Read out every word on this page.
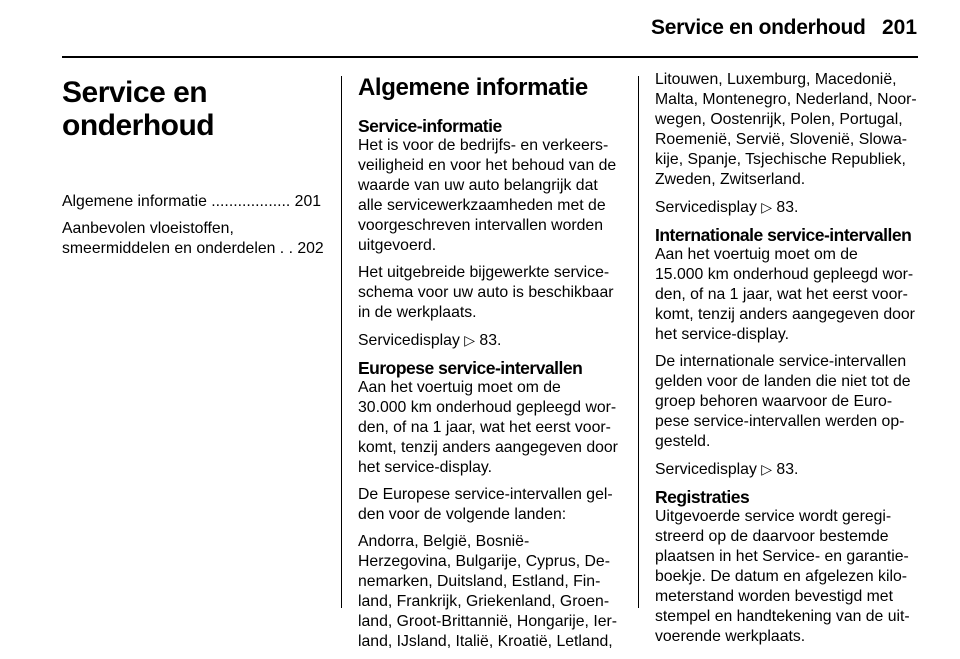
Service en onderhoud 201
Service en
onderhoud
Algemene informatie .................. 201
Aanbevolen vloeistoffen,
smeermiddelen en onderdelen . . 202
Algemene informatie
Service-informatie
Het is voor de bedrijfs- en verkeers-
veiligheid en voor het behoud van de
waarde van uw auto belangrijk dat
alle servicewerkzaamheden met de
voorgeschreven intervallen worden
uitgevoerd.
Het uitgebreide bijgewerkte service-
schema voor uw auto is beschikbaar
in de werkplaats.
Servicedisplay ▷ 83.
Europese service-intervallen
Aan het voertuig moet om de
30.000 km onderhoud gepleegd wor-
den, of na 1 jaar, wat het eerst voor-
komt, tenzij anders aangegeven door
het service-display.
De Europese service-intervallen gel-
den voor de volgende landen:
Andorra, België, Bosnië-
Herzegovina, Bulgarije, Cyprus, De-
nemarken, Duitsland, Estland, Fin-
land, Frankrijk, Griekenland, Groen-
land, Groot-Brittannië, Hongarije, Ier-
land, IJsland, Italië, Kroatië, Letland,
Litouwen, Luxemburg, Macedonië,
Malta, Montenegro, Nederland, Noor-
wegen, Oostenrijk, Polen, Portugal,
Roemenië, Servië, Slovenië, Slowa-
kije, Spanje, Tsjechische Republiek,
Zweden, Zwitserland.
Servicedisplay ▷ 83.
Internationale service-intervallen
Aan het voertuig moet om de
15.000 km onderhoud gepleegd wor-
den, of na 1 jaar, wat het eerst voor-
komt, tenzij anders aangegeven door
het service-display.
De internationale service-intervallen
gelden voor de landen die niet tot de
groep behoren waarvoor de Euro-
pese service-intervallen werden op-
gesteld.
Servicedisplay ▷ 83.
Registraties
Uitgevoerde service wordt geregi-
streerd op de daarvoor bestemde
plaatsen in het Service- en garantie-
boekje. De datum en afgelezen kilo-
meterstand worden bevestigd met
stempel en handtekening van de uit-
voerende werkplaats.
